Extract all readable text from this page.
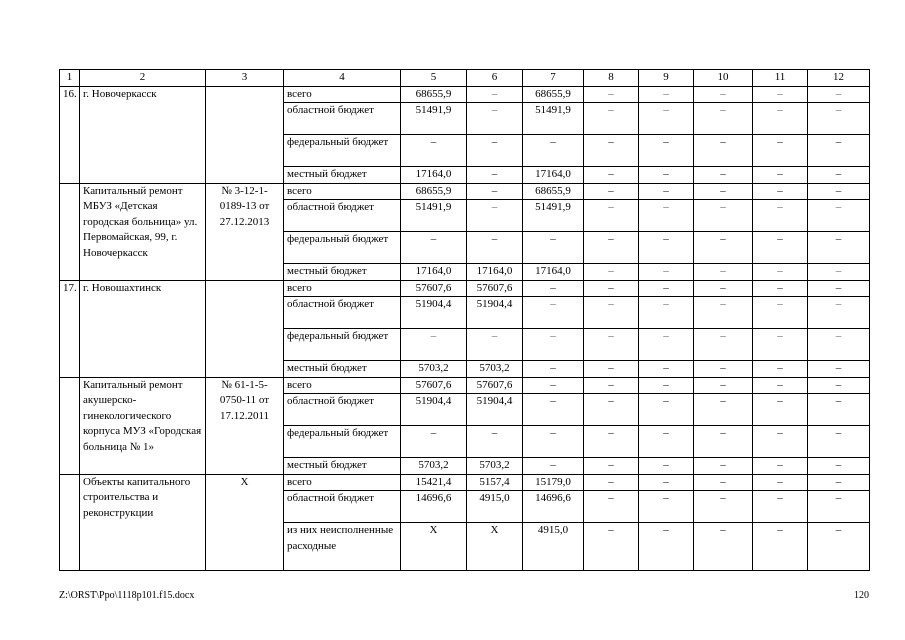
1	2	3	4	5	6	7	8	9	10	11	12
16.	г. Новочеркасск		всего	68655,9	–	68655,9	–	–	–	–	–
			областной бюджет	51491,9	–	51491,9	–	–	–	–	–
			федеральный бюджет	–	–	–	–	–	–	–	–
			местный бюджет	17164,0	–	17164,0	–	–	–	–	–
	Капитальный ремонт МБУЗ «Детская городская больница» ул. Первомайская, 99, г. Новочеркасск	№ 3-12-1-0189-13 от 27.12.2013	всего	68655,9	–	68655,9	–	–	–	–	–
			областной бюджет	51491,9	–	51491,9	–	–	–	–	–
			федеральный бюджет	–	–	–	–	–	–	–	–
			местный бюджет	17164,0	17164,0	17164,0	–	–	–	–	–
17.	г. Новошахтинск		всего	57607,6	57607,6	–	–	–	–	–	–
			областной бюджет	51904,4	51904,4	–	–	–	–	–	–
			федеральный бюджет	–	–	–	–	–	–	–	–
			местный бюджет	5703,2	5703,2	–	–	–	–	–	–
	Капитальный ремонт акушерско-гинекологического корпуса МУЗ «Городская больница № 1»	№ 61-1-5-0750-11 от 17.12.2011	всего	57607,6	57607,6	–	–	–	–	–	–
			областной бюджет	51904,4	51904,4	–	–	–	–	–	–
			федеральный бюджет	–	–	–	–	–	–	–	–
			местный бюджет	5703,2	5703,2	–	–	–	–	–	–
	Объекты капитального строительства и реконструкции	X	всего	15421,4	5157,4	15179,0	–	–	–	–	–
			областной бюджет	14696,6	4915,0	14696,6	–	–	–	–	–
			из них неисполненные расходные	X	X	4915,0	–	–	–	–	–
Z:\ORST\Ppo\1118p101.f15.docx	120
